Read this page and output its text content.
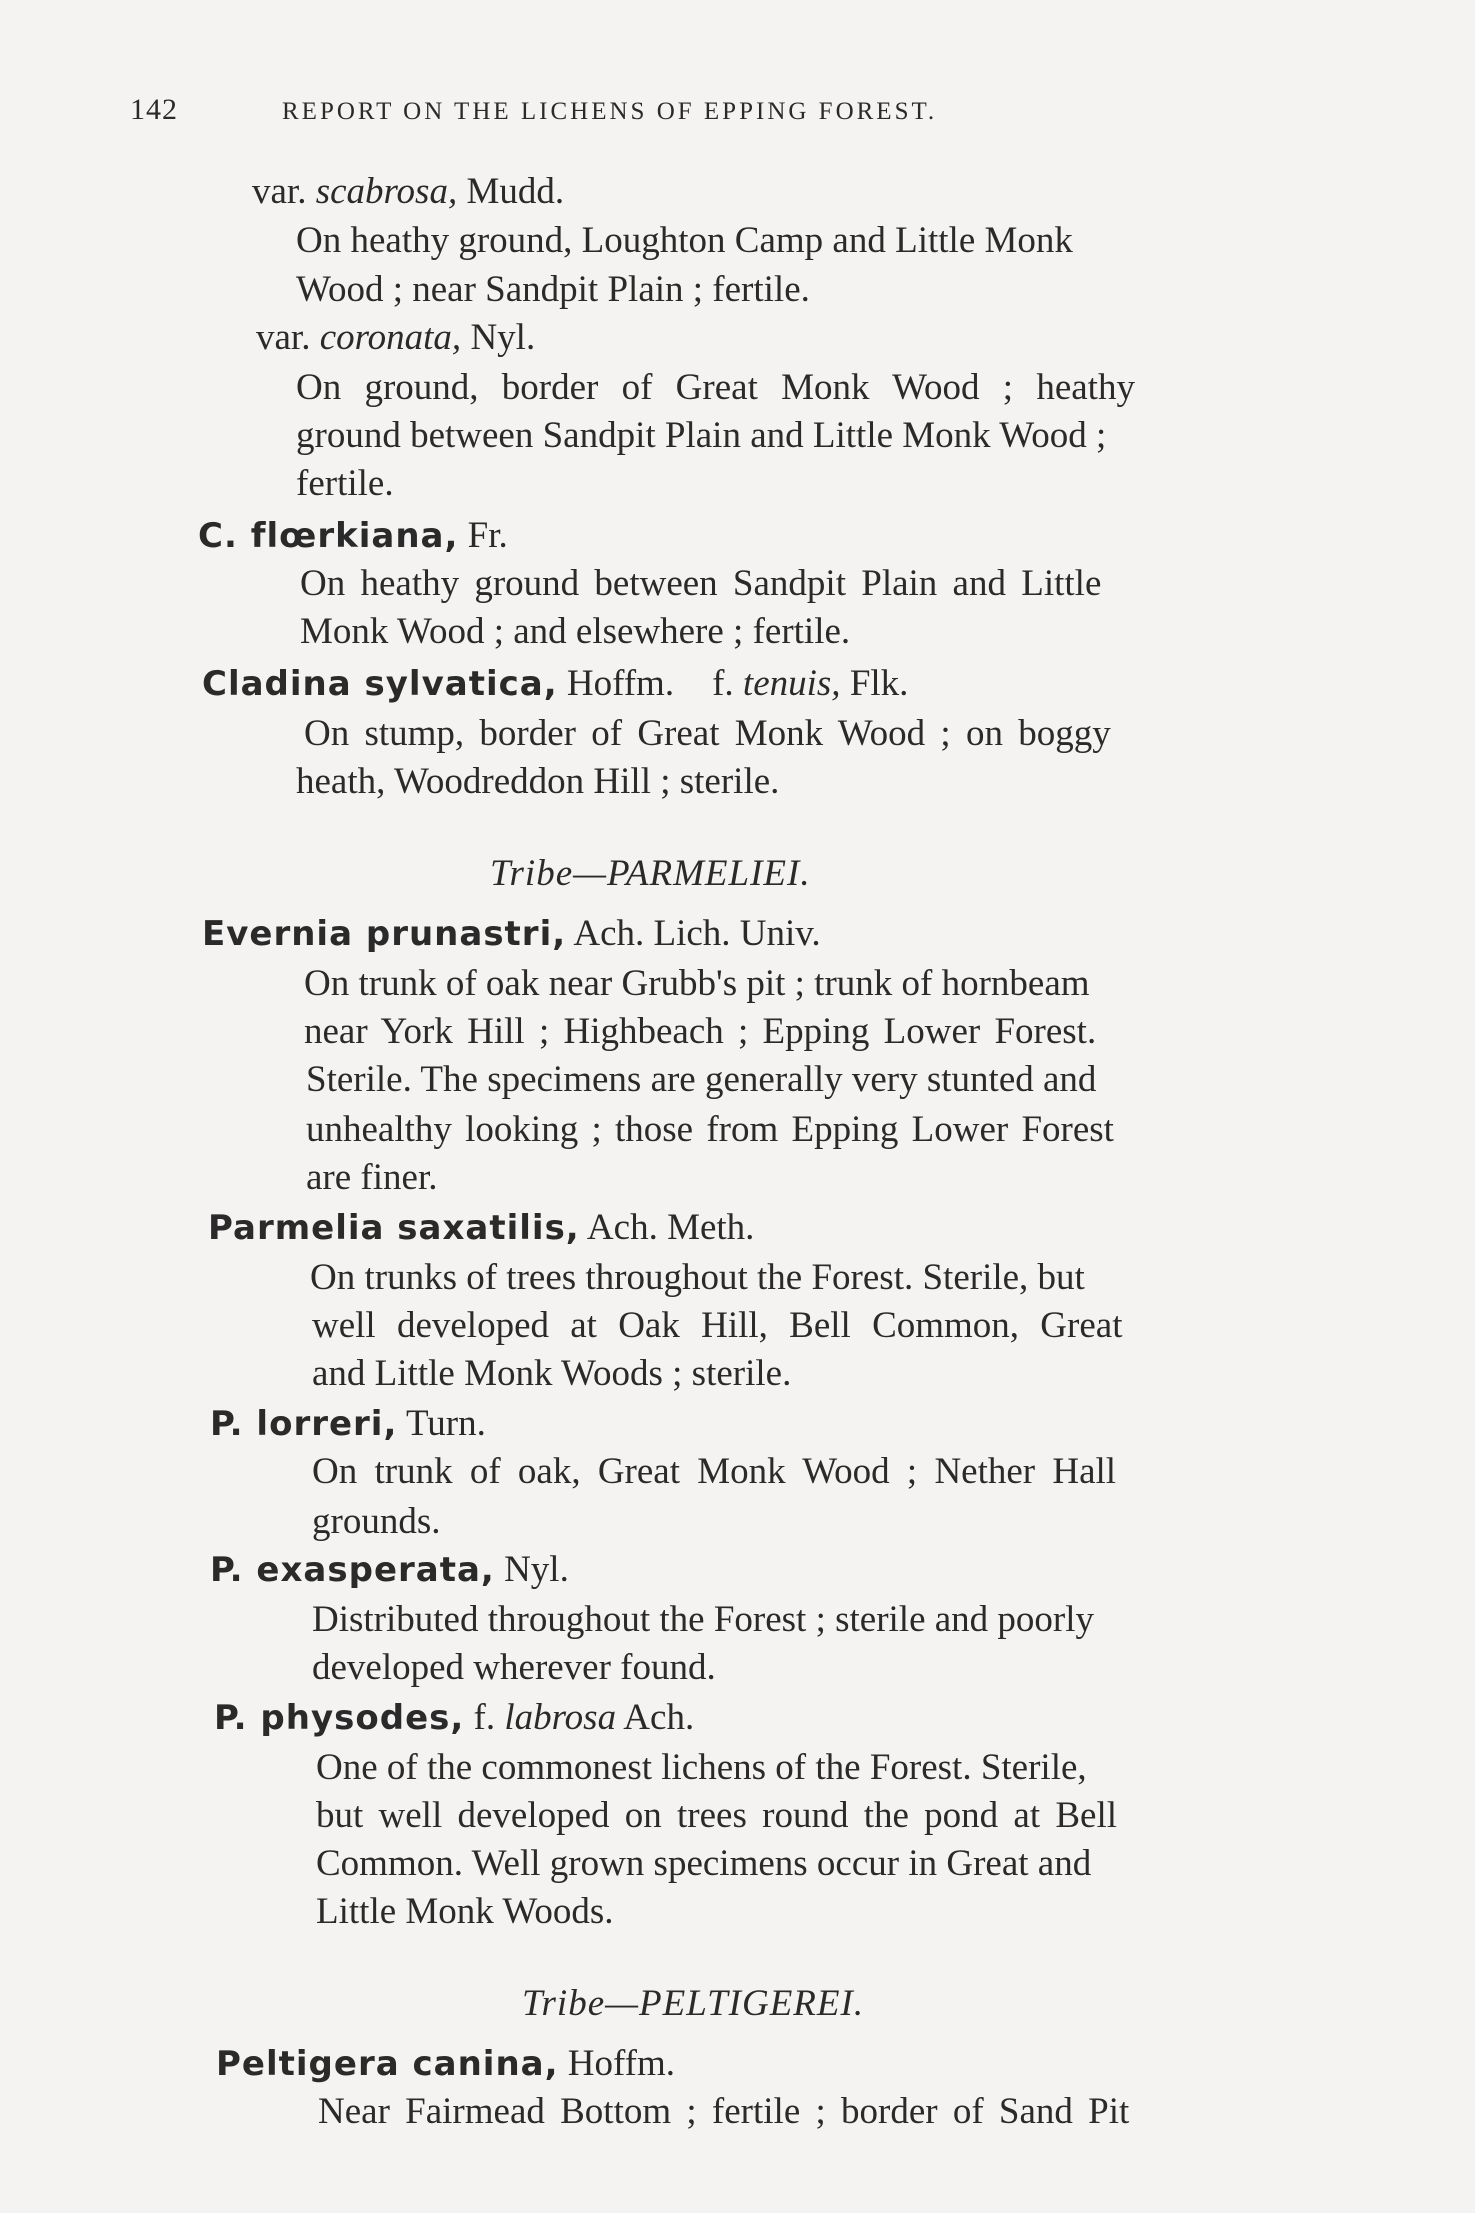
142	REPORT ON THE LICHENS OF EPPING FOREST.
var. scabrosa, Mudd.
On heathy ground, Loughton Camp and Little Monk
Wood ; near Sandpit Plain ; fertile.
var. coronata, Nyl.
On ground, border of Great Monk Wood ; heathy
ground between Sandpit Plain and Little Monk Wood ;
fertile.
C. flœrkiana, Fr.
On heathy ground between Sandpit Plain and Little
Monk Wood ; and elsewhere ; fertile.
Cladina sylvatica, Hoffm. f. tenuis, Flk.
On stump, border of Great Monk Wood ; on boggy
heath, Woodreddon Hill ; sterile.
Tribe—PARMELIEI.
Evernia prunastri, Ach. Lich. Univ.
On trunk of oak near Grubb's pit ; trunk of hornbeam
near York Hill ; Highbeach ; Epping Lower Forest.
Sterile. The specimens are generally very stunted and
unhealthy looking ; those from Epping Lower Forest
are finer.
Parmelia saxatilis, Ach. Meth.
On trunks of trees throughout the Forest. Sterile, but
well developed at Oak Hill, Bell Common, Great
and Little Monk Woods ; sterile.
P. lorreri, Turn.
On trunk of oak, Great Monk Wood ; Nether Hall
grounds.
P. exasperata, Nyl.
Distributed throughout the Forest ; sterile and poorly
developed wherever found.
P. physodes, f. labrosa Ach.
One of the commonest lichens of the Forest. Sterile,
but well developed on trees round the pond at Bell
Common. Well grown specimens occur in Great and
Little Monk Woods.
Tribe—PELTIGEREI.
Peltigera canina, Hoffm.
Near Fairmead Bottom ; fertile ; border of Sand Pit
